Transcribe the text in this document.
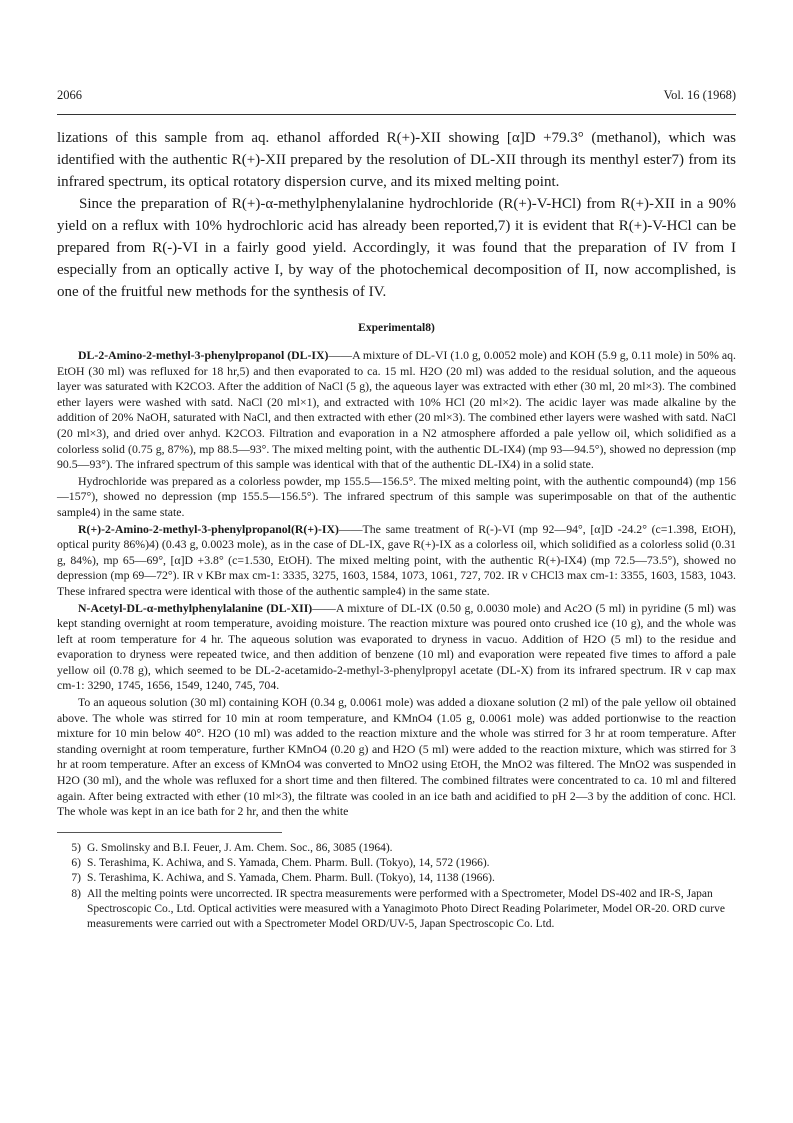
2066	Vol. 16 (1968)

lizations of this sample from aq. ethanol afforded R(+)-XII showing [α]D +79.3° (methanol), which was identified with the authentic R(+)-XII prepared by the resolution of DL-XII through its menthyl ester7) from its infrared spectrum, its optical rotatory dispersion curve, and its mixed melting point.

Since the preparation of R(+)-α-methylphenylalanine hydrochloride (R(+)-V-HCl) from R(+)-XII in a 90% yield on a reflux with 10% hydrochloric acid has already been reported,7) it is evident that R(+)-V-HCl can be prepared from R(-)-VI in a fairly good yield. Accordingly, it was found that the preparation of IV from I especially from an optically active I, by way of the photochemical decomposition of II, now accomplished, is one of the fruitful new methods for the synthesis of IV.

Experimental8)

DL-2-Amino-2-methyl-3-phenylpropanol (DL-IX)——A mixture of DL-VI (1.0 g, 0.0052 mole) and KOH (5.9 g, 0.11 mole) in 50% aq. EtOH (30 ml) was refluxed for 18 hr,5) and then evaporated to ca. 15 ml. H2O (20 ml) was added to the residual solution, and the aqueous layer was saturated with K2CO3. After the addition of NaCl (5 g), the aqueous layer was extracted with ether (30 ml, 20 ml×3). The combined ether layers were washed with satd. NaCl (20 ml×1), and extracted with 10% HCl (20 ml×2). The acidic layer was made alkaline by the addition of 20% NaOH, saturated with NaCl, and then extracted with ether (20 ml×3). The combined ether layers were washed with satd. NaCl (20 ml×3), and dried over anhyd. K2CO3. Filtration and evaporation in a N2 atmosphere afforded a pale yellow oil, which solidified as a colorless solid (0.75 g, 87%), mp 88.5—93°. The mixed melting point, with the authentic DL-IX4) (mp 93—94.5°), showed no depression (mp 90.5—93°). The infrared spectrum of this sample was identical with that of the authentic DL-IX4) in a solid state.

Hydrochloride was prepared as a colorless powder, mp 155.5—156.5°. The mixed melting point, with the authentic compound4) (mp 156—157°), showed no depression (mp 155.5—156.5°). The infrared spectrum of this sample was superimposable on that of the authentic sample4) in the same state.

R(+)-2-Amino-2-methyl-3-phenylpropanol(R(+)-IX)——The same treatment of R(-)-VI (mp 92—94°, [α]D -24.2° (c=1.398, EtOH), optical purity 86%)4) (0.43 g, 0.0023 mole), as in the case of DL-IX, gave R(+)-IX as a colorless oil, which solidified as a colorless solid (0.31 g, 84%), mp 65—69°, [α]D +3.8° (c=1.530, EtOH). The mixed melting point, with the authentic R(+)-IX4) (mp 72.5—73.5°), showed no depression (mp 69—72°). IR ν KBr max cm-1: 3335, 3275, 1603, 1584, 1073, 1061, 727, 702. IR ν CHCl3 max cm-1: 3355, 1603, 1583, 1043. These infrared spectra were identical with those of the authentic sample4) in the same state.

N-Acetyl-DL-α-methylphenylalanine (DL-XII)——A mixture of DL-IX (0.50 g, 0.0030 mole) and Ac2O (5 ml) in pyridine (5 ml) was kept standing overnight at room temperature, avoiding moisture. The reaction mixture was poured onto crushed ice (10 g), and the whole was left at room temperature for 4 hr. The aqueous solution was evaporated to dryness in vacuo. Addition of H2O (5 ml) to the residue and evaporation to dryness were repeated twice, and then addition of benzene (10 ml) and evaporation were repeated five times to afford a pale yellow oil (0.78 g), which seemed to be DL-2-acetamido-2-methyl-3-phenylpropyl acetate (DL-X) from its infrared spectrum. IR ν cap max cm-1: 3290, 1745, 1656, 1549, 1240, 745, 704.

To an aqueous solution (30 ml) containing KOH (0.34 g, 0.0061 mole) was added a dioxane solution (2 ml) of the pale yellow oil obtained above. The whole was stirred for 10 min at room temperature, and KMnO4 (1.05 g, 0.0061 mole) was added portionwise to the reaction mixture for 10 min below 40°. H2O (10 ml) was added to the reaction mixture and the whole was stirred for 3 hr at room temperature. After standing overnight at room temperature, further KMnO4 (0.20 g) and H2O (5 ml) were added to the reaction mixture, which was stirred for 3 hr at room temperature. After an excess of KMnO4 was converted to MnO2 using EtOH, the MnO2 was filtered. The MnO2 was suspended in H2O (30 ml), and the whole was refluxed for a short time and then filtered. The combined filtrates were concentrated to ca. 10 ml and filtered again. After being extracted with ether (10 ml×3), the filtrate was cooled in an ice bath and acidified to pH 2—3 by the addition of conc. HCl. The whole was kept in an ice bath for 2 hr, and then the white

5) G. Smolinsky and B.I. Feuer, J. Am. Chem. Soc., 86, 3085 (1964).
6) S. Terashima, K. Achiwa, and S. Yamada, Chem. Pharm. Bull. (Tokyo), 14, 572 (1966).
7) S. Terashima, K. Achiwa, and S. Yamada, Chem. Pharm. Bull. (Tokyo), 14, 1138 (1966).
8) All the melting points were uncorrected. IR spectra measurements were performed with a Spectrometer, Model DS-402 and IR-S, Japan Spectroscopic Co., Ltd. Optical activities were measured with a Yanagimoto Photo Direct Reading Polarimeter, Model OR-20. ORD curve measurements were carried out with a Spectrometer Model ORD/UV-5, Japan Spectroscopic Co. Ltd.
